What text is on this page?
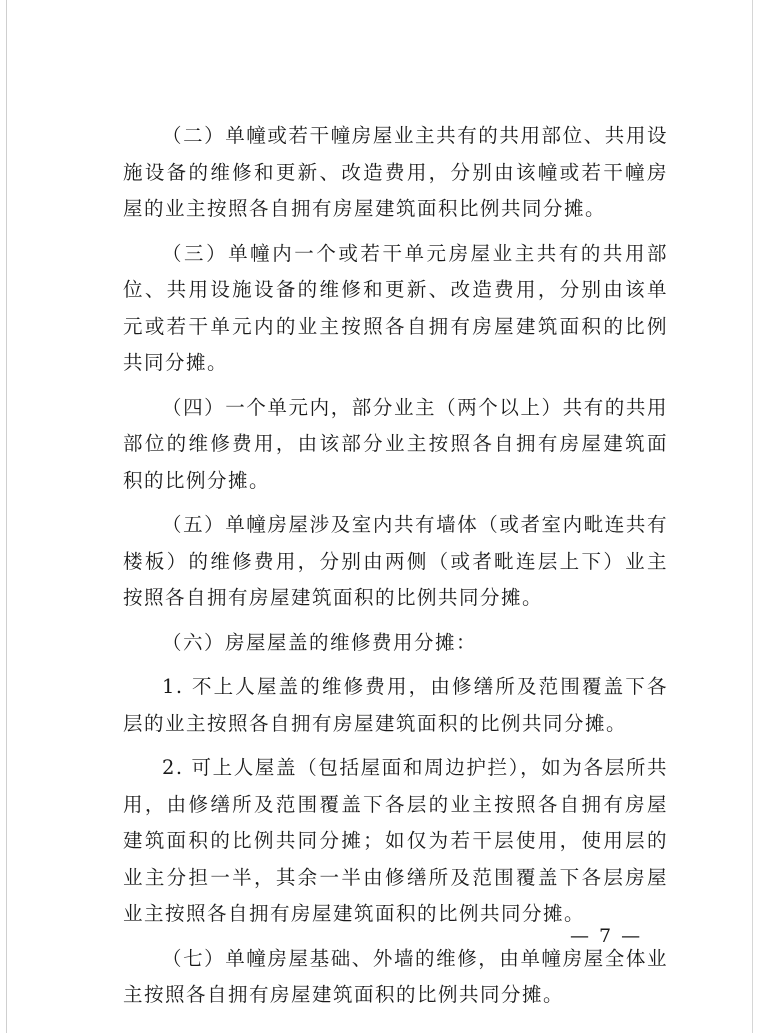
（二）单幢或若干幢房屋业主共有的共用部位、共用设施设备的维修和更新、改造费用，分别由该幢或若干幢房屋的业主按照各自拥有房屋建筑面积比例共同分摊。

（三）单幢内一个或若干单元房屋业主共有的共用部位、共用设施设备的维修和更新、改造费用，分别由该单元或若干单元内的业主按照各自拥有房屋建筑面积的比例共同分摊。

（四）一个单元内，部分业主（两个以上）共有的共用部位的维修费用，由该部分业主按照各自拥有房屋建筑面积的比例分摊。

（五）单幢房屋涉及室内共有墙体（或者室内毗连共有楼板）的维修费用，分别由两侧（或者毗连层上下）业主按照各自拥有房屋建筑面积的比例共同分摊。

（六）房屋屋盖的维修费用分摊：

1. 不上人屋盖的维修费用，由修缮所及范围覆盖下各层的业主按照各自拥有房屋建筑面积的比例共同分摊。

2. 可上人屋盖（包括屋面和周边护拦），如为各层所共用，由修缮所及范围覆盖下各层的业主按照各自拥有房屋建筑面积的比例共同分摊；如仅为若干层使用，使用层的业主分担一半，其余一半由修缮所及范围覆盖下各层房屋业主按照各自拥有房屋建筑面积的比例共同分摊。

（七）单幢房屋基础、外墙的维修，由单幢房屋全体业主按照各自拥有房屋建筑面积的比例共同分摊。

— 7 —
